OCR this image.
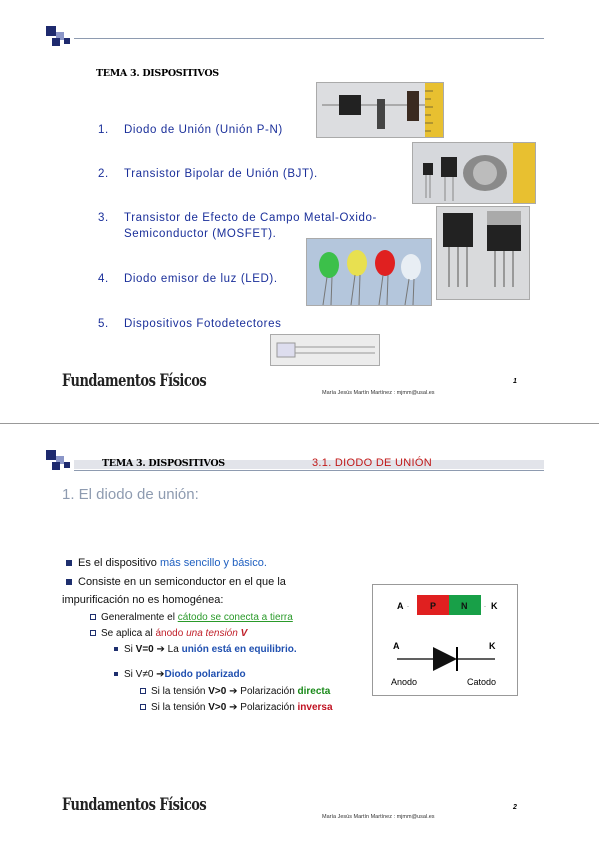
TEMA 3. DISPOSITIVOS
1. Diodo de Unión (Unión P-N)
2. Transistor Bipolar de Unión (BJT).
3. Transistor de Efecto de Campo Metal-Oxido-
Semiconductor (MOSFET).
4. Diodo emisor de luz (LED).
5. Dispositivos Fotodetectores
Fundamentos Físicos
María Jesús Martín Martínez : mjmm@usal.es
1
TEMA 3. DISPOSITIVOS	3.1. DIODO DE UNIÓN
1. El diodo de unión:
Es el dispositivo más sencillo y básico.
Consiste en un semiconductor en el que la
impurificación no es homogénea:
Generalmente el cátodo se conecta a tierra
Se aplica al ánodo una tensión V
Si V=0 ➔ La unión está en equilibrio.
Si V≠0 ➔Diodo polarizado
Si la tensión V>0 ➔ Polarización directa
Si la tensión V>0 ➔ Polarización inversa
A · P	N	· K
A	K
Anodo	Catodo
Fundamentos Físicos
María Jesús Martín Martínez : mjmm@usal.es
2
